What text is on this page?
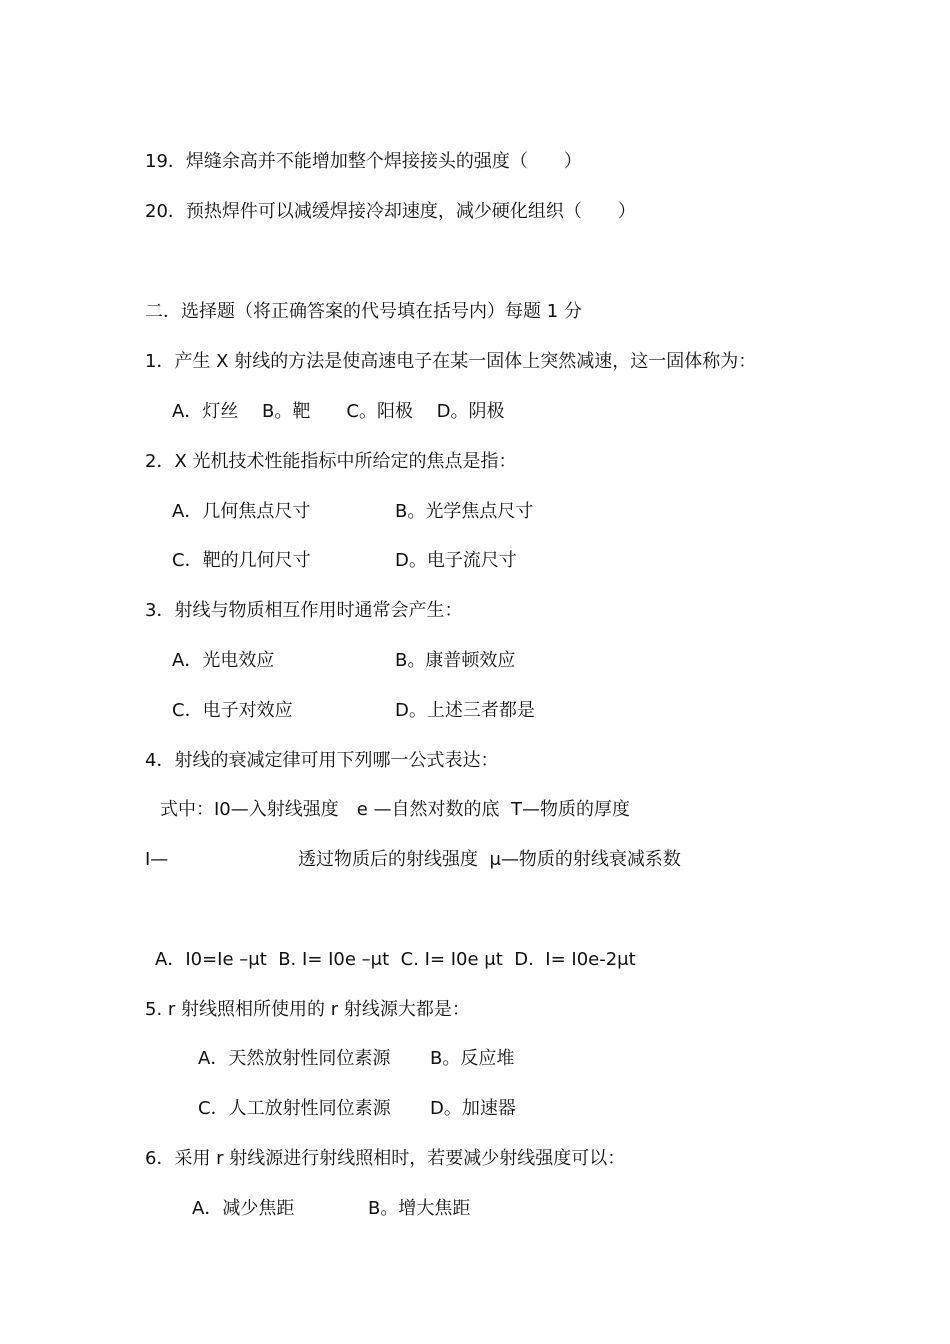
19．焊缝余高并不能增加整个焊接接头的强度（　　）
20．预热焊件可以减缓焊接冷却速度，减少硬化组织（　　）
二．选择题（将正确答案的代号填在括号内）每题 1 分
1．产生 X 射线的方法是使高速电子在某一固体上突然减速，这一固体称为：
A．灯丝　 B。靶　　C。阳极　 D。阴极
2．X 光机技术性能指标中所给定的焦点是指：
A．几何焦点尺寸	B。光学焦点尺寸
C．靶的几何尺寸	D。电子流尺寸
3．射线与物质相互作用时通常会产生：
A．光电效应	B。康普顿效应
C．电子对效应	D。上述三者都是
4．射线的衰减定律可用下列哪一公式表达：
式中：I0—入射线强度　e —自然对数的底  T—物质的厚度
I—	透过物质后的射线强度  μ—物质的射线衰减系数
A．I0=Ie –μt  B. I= I0e –μt  C. I= I0e μt  D.  I= I0e-2μt
5. r 射线照相所使用的 r 射线源大都是：
A．天然放射性同位素源 B。反应堆
C．人工放射性同位素源 D。加速器
6．采用 r 射线源进行射线照相时，若要减少射线强度可以：
A．减少焦距	B。增大焦距
